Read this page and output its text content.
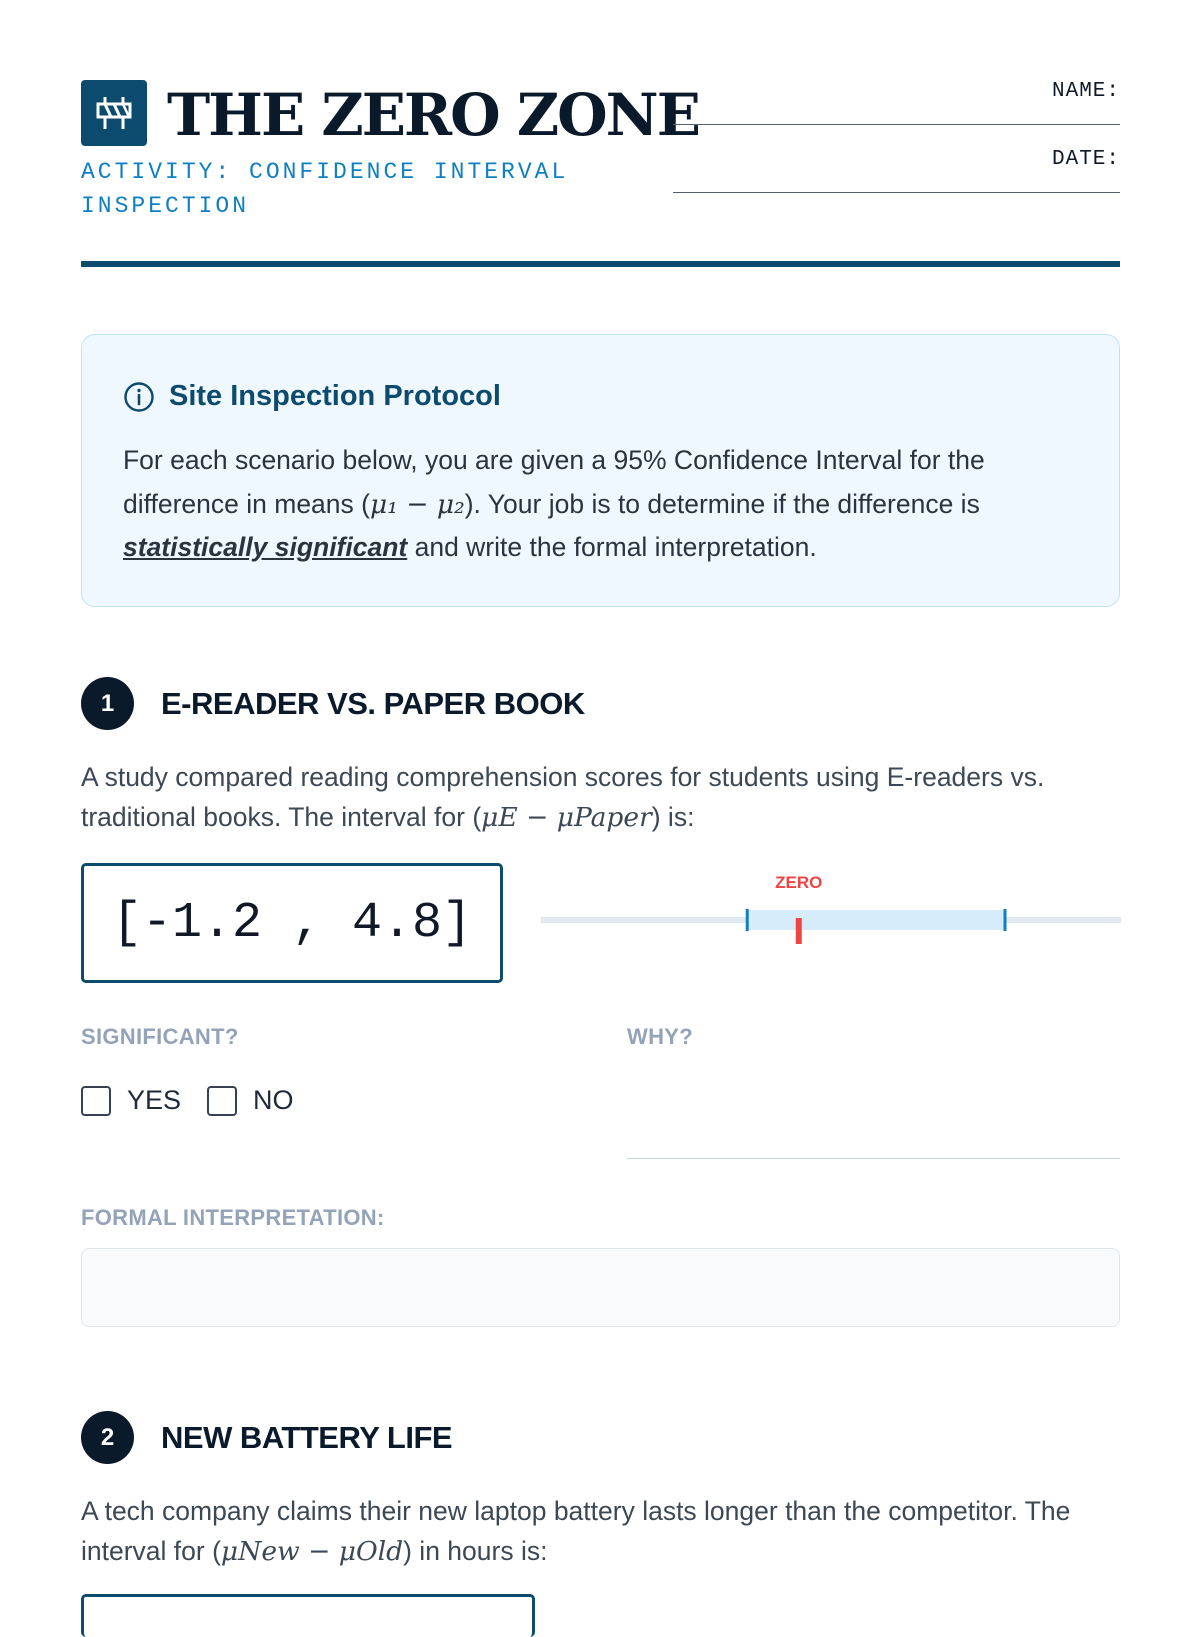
THE ZERO ZONE
ACTIVITY: CONFIDENCE INTERVAL INSPECTION
NAME:
DATE:
Site Inspection Protocol
For each scenario below, you are given a 95% Confidence Interval for the difference in means (μ₁ − μ₂). Your job is to determine if the difference is statistically significant and write the formal interpretation.
1	E-READER VS. PAPER BOOK
A study compared reading comprehension scores for students using E-readers vs. traditional books. The interval for (μE − μPaper) is:
[-1.2 , 4.8]
ZERO
SIGNIFICANT?	WHY?
YES	NO
FORMAL INTERPRETATION:
2	NEW BATTERY LIFE
A tech company claims their new laptop battery lasts longer than the competitor. The interval for (μNew − μOld) in hours is:
